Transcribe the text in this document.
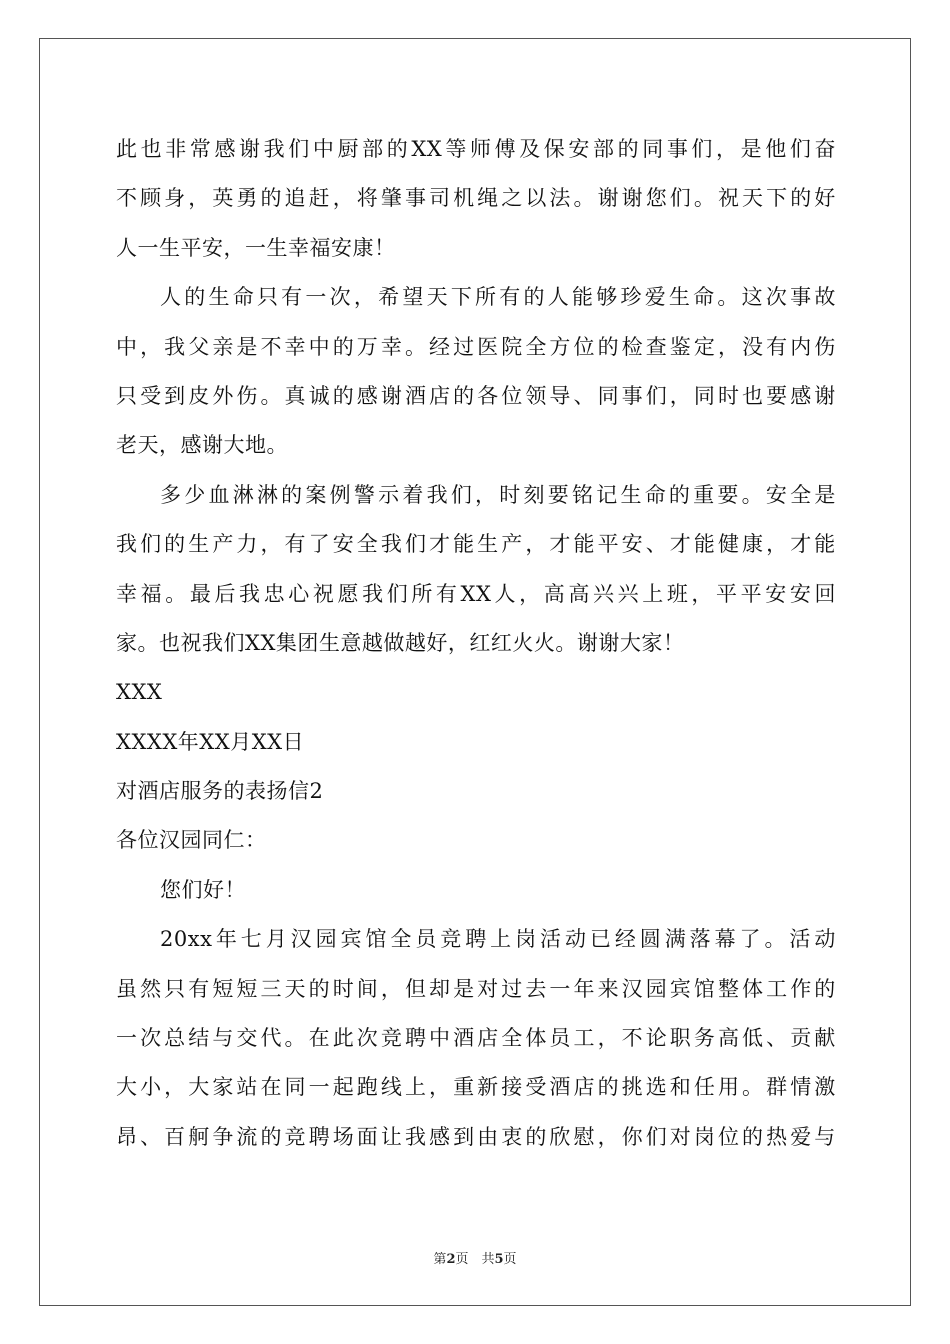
此 也 非 常 感 谢 我 们 中 厨 部 的 XX 等 师 傅 及 保 安 部 的 同 事 们 ， 是 他 们 奋
不 顾 身 ， 英 勇 的 追 赶 ， 将 肇 事 司 机 绳 之 以 法 。 谢 谢 您 们 。 祝 天 下 的 好
人一生平安，一生幸福安康！
人 的 生 命 只 有 一 次 ， 希 望 天 下 所 有 的 人 能 够 珍 爱 生 命 。 这 次 事 故
中 ， 我 父 亲 是 不 幸 中 的 万 幸 。 经 过 医 院 全 方 位 的 检 查 鉴 定 ， 没 有 内 伤
只 受 到 皮 外 伤 。 真 诚 的 感 谢 酒 店 的 各 位 领 导 、 同 事 们 ， 同 时 也 要 感 谢
老天，感谢大地。
多 少 血 淋 淋 的 案 例 警 示 着 我 们 ， 时 刻 要 铭 记 生 命 的 重 要 。 安 全 是
我 们 的 生 产 力 ， 有 了 安 全 我 们 才 能 生 产 ， 才 能 平 安 、 才 能 健 康 ， 才 能
幸 福 。 最 后 我 忠 心 祝 愿 我 们 所 有 XX 人 ， 高 高 兴 兴 上 班 ， 平 平 安 安 回
家。也祝我们XX集团生意越做越好，红红火火。谢谢大家！
XXX
XXXX年XX月XX日
对酒店服务的表扬信2
各位汉园同仁：
您们好！
20xx 年 七 月 汉 园 宾 馆 全 员 竞 聘 上 岗 活 动 已 经 圆 满 落 幕 了 。 活 动
虽 然 只 有 短 短 三 天 的 时 间 ， 但 却 是 对 过 去 一 年 来 汉 园 宾 馆 整 体 工 作 的
一 次 总 结 与 交 代 。 在 此 次 竞 聘 中 酒 店 全 体 员 工 ， 不 论 职 务 高 低 、 贡 献
大 小 ， 大 家 站 在 同 一 起 跑 线 上 ， 重 新 接 受 酒 店 的 挑 选 和 任 用 。 群 情 激
昂 、 百 舸 争 流 的 竞 聘 场 面 让 我 感 到 由 衷 的 欣 慰 ， 你 们 对 岗 位 的 热 爱 与
第2页　共5页
